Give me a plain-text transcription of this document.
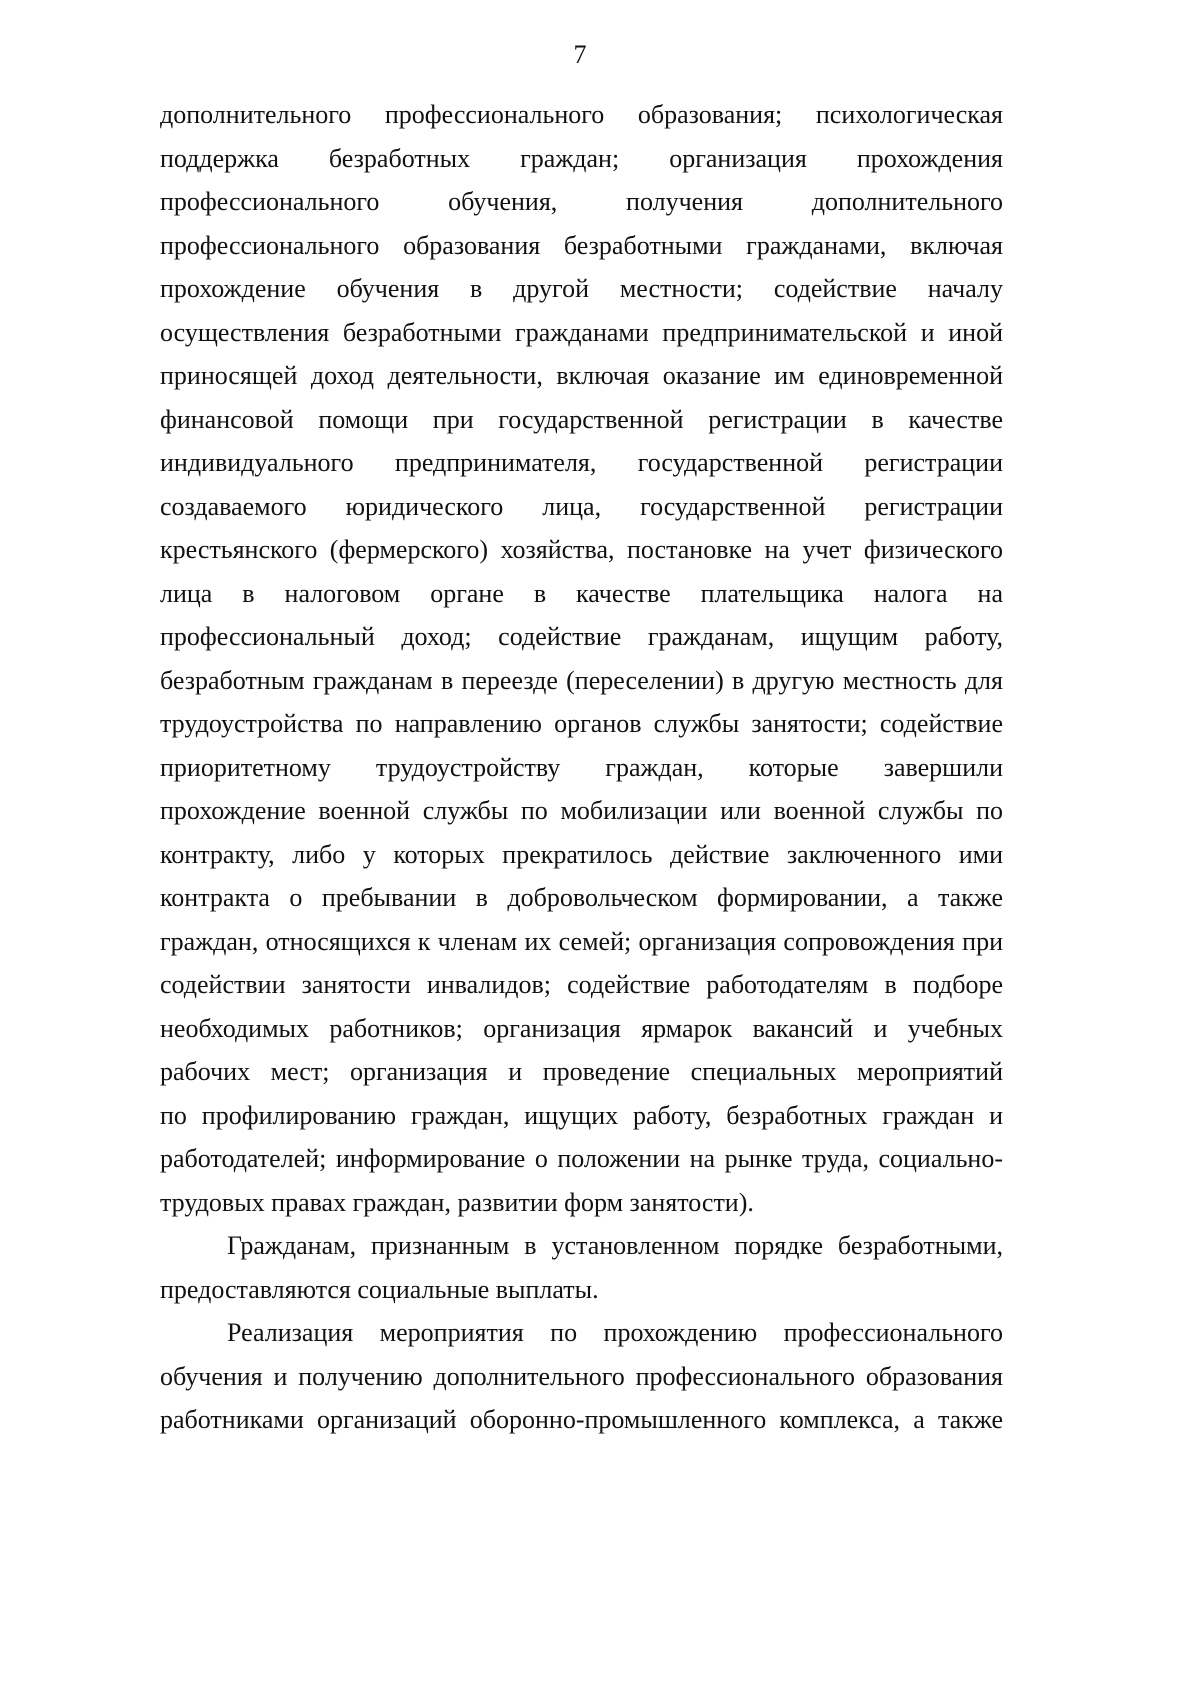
7
дополнительного профессионального образования; психологическая
поддержка безработных граждан; организация прохождения
профессионального обучения, получения дополнительного
профессионального образования безработными гражданами, включая
прохождение обучения в другой местности; содействие началу
осуществления безработными гражданами предпринимательской и иной
приносящей доход деятельности, включая оказание им единовременной
финансовой помощи при государственной регистрации в качестве
индивидуального предпринимателя, государственной регистрации
создаваемого юридического лица, государственной регистрации
крестьянского (фермерского) хозяйства, постановке на учет физического
лица в налоговом органе в качестве плательщика налога на
профессиональный доход; содействие гражданам, ищущим работу,
безработным гражданам в переезде (переселении) в другую местность для
трудоустройства по направлению органов службы занятости; содействие
приоритетному трудоустройству граждан, которые завершили
прохождение военной службы по мобилизации или военной службы по
контракту, либо у которых прекратилось действие заключенного ими
контракта о пребывании в добровольческом формировании, а также
граждан, относящихся к членам их семей; организация сопровождения при
содействии занятости инвалидов; содействие работодателям в подборе
необходимых работников; организация ярмарок вакансий и учебных
рабочих мест; организация и проведение специальных мероприятий
по профилированию граждан, ищущих работу, безработных граждан и
работодателей; информирование о положении на рынке труда, социально-
трудовых правах граждан, развитии форм занятости).
Гражданам, признанным в установленном порядке безработными,
предоставляются социальные выплаты.
Реализация мероприятия по прохождению профессионального
обучения и получению дополнительного профессионального образования
работниками организаций оборонно-промышленного комплекса, а также
